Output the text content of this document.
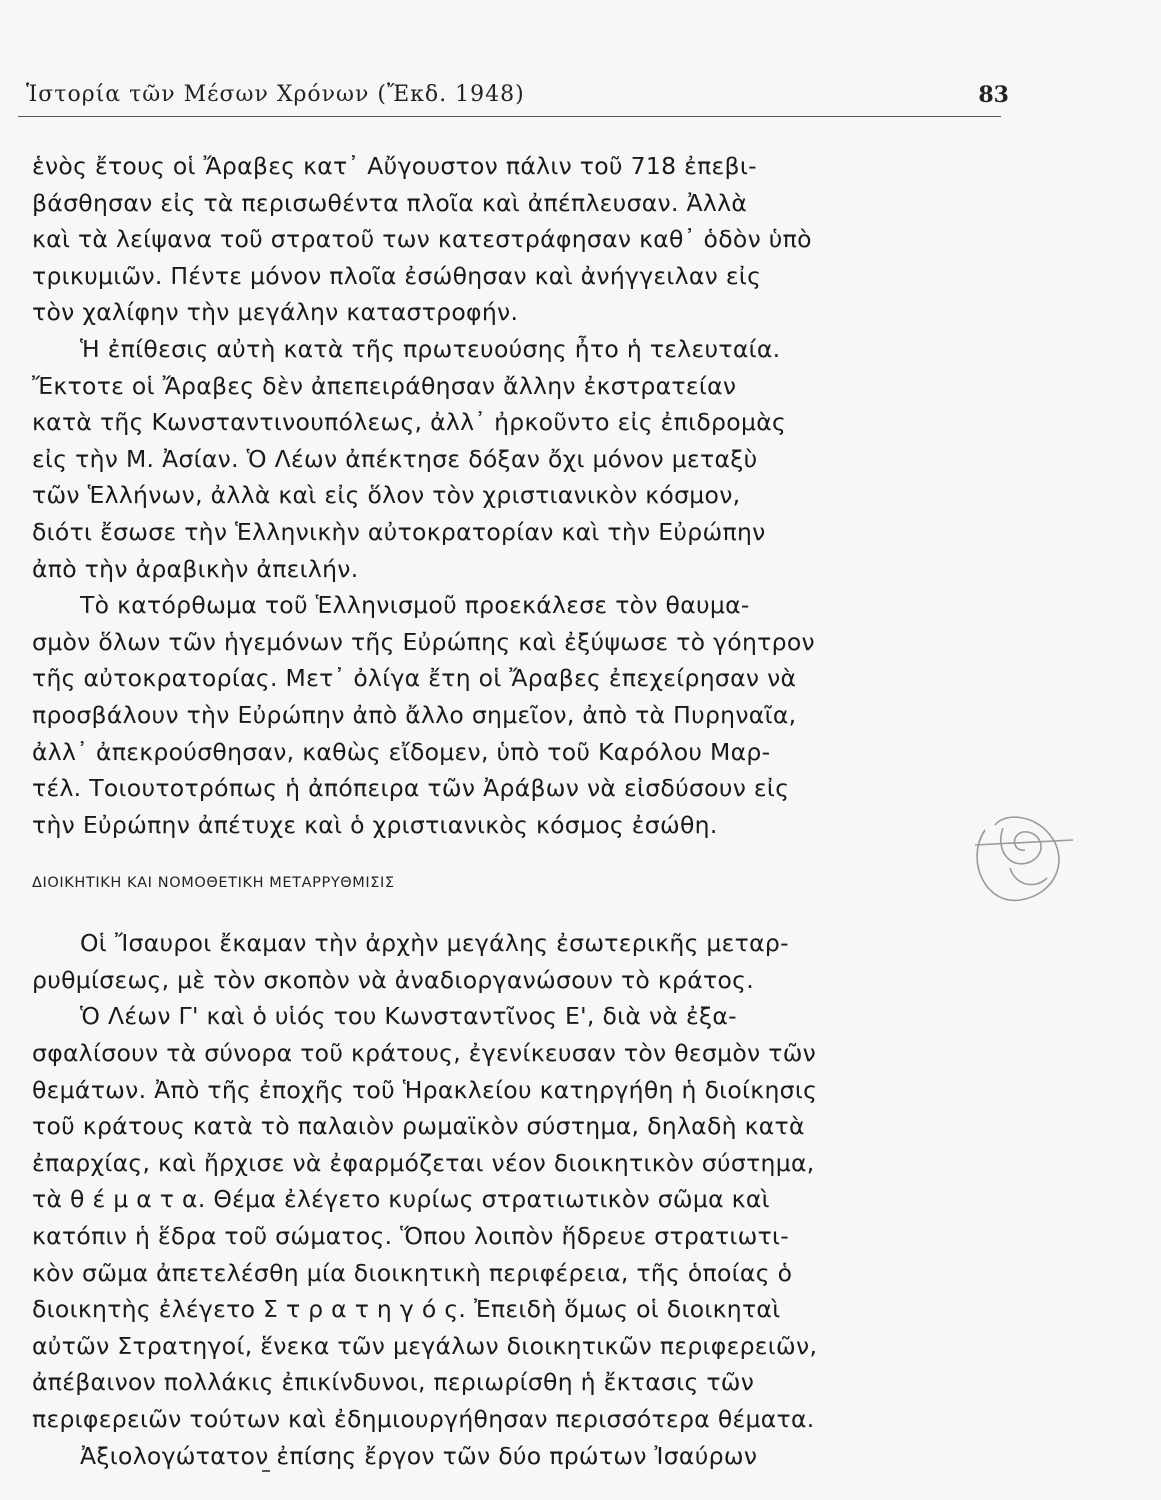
Ἱστορία τῶν Μέσων Χρόνων (Ἔκδ. 1948)	83
ἑνὸς ἔτους οἱ Ἄραβες κατ᾽ Αὔγουστον πάλιν τοῦ 718 ἐπεβι-
βάσθησαν εἰς τὰ περισωθέντα πλοῖα καὶ ἀπέπλευσαν. Ἀλλὰ
καὶ τὰ λείψανα τοῦ στρατοῦ των κατεστράφησαν καθ᾽ ὁδὸν ὑπὸ
τρικυμιῶν. Πέντε μόνον πλοῖα ἐσώθησαν καὶ ἀνήγγειλαν εἰς
τὸν χαλίφην τὴν μεγάλην καταστροφήν.
Ἡ ἐπίθεσις αὐτὴ κατὰ τῆς πρωτευούσης ἦτο ἡ τελευταία.
Ἔκτοτε οἱ Ἄραβες δὲν ἀπεπειράθησαν ἄλλην ἐκστρατείαν
κατὰ τῆς Κωνσταντινουπόλεως, ἀλλ᾽ ἠρκοῦντο εἰς ἐπιδρομὰς
εἰς τὴν Μ. Ἀσίαν. Ὁ Λέων ἀπέκτησε δόξαν ὄχι μόνον μεταξὺ
τῶν Ἑλλήνων, ἀλλὰ καὶ εἰς ὅλον τὸν χριστιανικὸν κόσμον,
διότι ἔσωσε τὴν Ἑλληνικὴν αὐτοκρατορίαν καὶ τὴν Εὐρώπην
ἀπὸ τὴν ἀραβικὴν ἀπειλήν.
Τὸ κατόρθωμα τοῦ Ἑλληνισμοῦ προεκάλεσε τὸν θαυμα-
σμὸν ὅλων τῶν ἡγεμόνων τῆς Εὐρώπης καὶ ἐξύψωσε τὸ γόητρον
τῆς αὐτοκρατορίας. Μετ᾽ ὀλίγα ἔτη οἱ Ἄραβες ἐπεχείρησαν νὰ
προσβάλουν τὴν Εὐρώπην ἀπὸ ἄλλο σημεῖον, ἀπὸ τὰ Πυρηναῖα,
ἀλλ᾽ ἀπεκρούσθησαν, καθὼς εἴδομεν, ὑπὸ τοῦ Καρόλου Μαρ-
τέλ. Τοιουτοτρόπως ἡ ἀπόπειρα τῶν Ἀράβων νὰ εἰσδύσουν εἰς
τὴν Εὐρώπην ἀπέτυχε καὶ ὁ χριστιανικὸς κόσμος ἐσώθη.
ΔΙΟΙΚΗΤΙΚΗ ΚΑΙ ΝΟΜΟΘΕΤΙΚΗ ΜΕΤΑΡΡΥΘΜΙΣΙΣ
Οἱ Ἴσαυροι ἔκαμαν τὴν ἀρχὴν μεγάλης ἐσωτερικῆς μεταρ-
ρυθμίσεως, μὲ τὸν σκοπὸν νὰ ἀναδιοργανώσουν τὸ κράτος.
Ὁ Λέων Γ' καὶ ὁ υἱός του Κωνσταντῖνος Ε', διὰ νὰ ἐξα-
σφαλίσουν τὰ σύνορα τοῦ κράτους, ἐγενίκευσαν τὸν θεσμὸν τῶν
θεμάτων. Ἀπὸ τῆς ἐποχῆς τοῦ Ἡρακλείου κατηργήθη ἡ διοίκησις
τοῦ κράτους κατὰ τὸ παλαιὸν ρωμαϊκὸν σύστημα, δηλαδὴ κατὰ
ἐπαρχίας, καὶ ἤρχισε νὰ ἐφαρμόζεται νέον διοικητικὸν σύστημα,
τὰ θ έ μ α τ α. Θέμα ἐλέγετο κυρίως στρατιωτικὸν σῶμα καὶ
κατόπιν ἡ ἕδρα τοῦ σώματος. Ὅπου λοιπὸν ἥδρευε στρατιωτι-
κὸν σῶμα ἀπετελέσθη μία διοικητικὴ περιφέρεια, τῆς ὁποίας ὁ
διοικητὴς ἐλέγετο Σ τ ρ α τ η γ ό ς. Ἐπειδὴ ὅμως οἱ διοικηταὶ
αὐτῶν Στρατηγοί, ἕνεκα τῶν μεγάλων διοικητικῶν περιφερειῶν,
ἀπέβαινον πολλάκις ἐπικίνδυνοι, περιωρίσθη ἡ ἔκτασις τῶν
περιφερειῶν τούτων καὶ ἐδημιουργήθησαν περισσότερα θέματα.
Ἀξιολογώτατον ἐπίσης ἔργον τῶν δύο πρώτων Ἰσαύρων
